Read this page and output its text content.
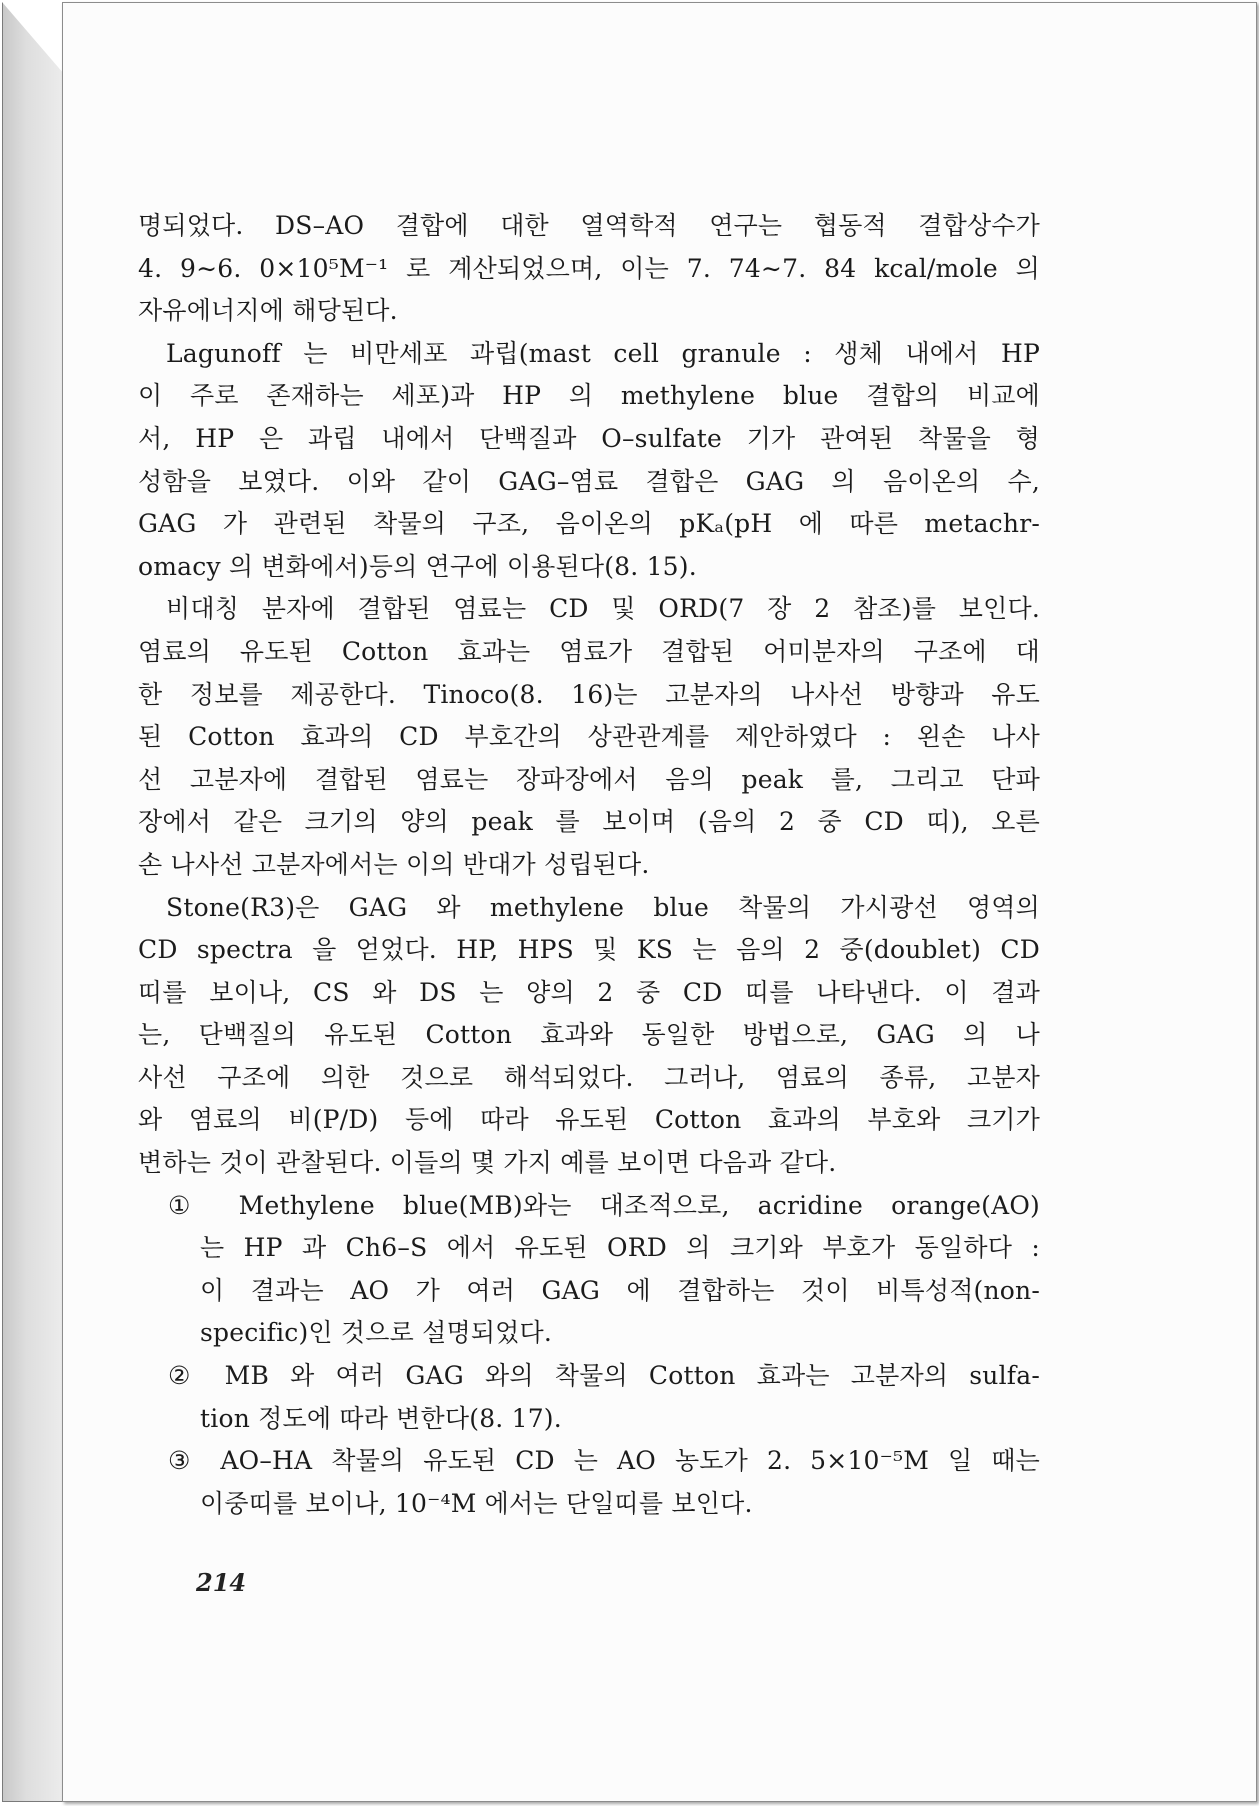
명되었다. DS–AO 결합에 대한 열역학적 연구는 협동적 결합상수가
4. 9∼6. 0×10⁵M⁻¹ 로 계산되었으며, 이는 7. 74∼7. 84 kcal/mole 의
자유에너지에 해당된다.
Lagunoff 는 비만세포 과립(mast cell granule : 생체 내에서 HP
이 주로 존재하는 세포)과 HP 의 methylene blue 결합의 비교에
서, HP 은 과립 내에서 단백질과 O–sulfate 기가 관여된 착물을 형
성함을 보였다. 이와 같이 GAG–염료 결합은 GAG 의 음이온의 수,
GAG 가 관련된 착물의 구조, 음이온의 pKₐ(pH 에 따른 metachr-
omacy 의 변화에서)등의 연구에 이용된다(8. 15).
비대칭 분자에 결합된 염료는 CD 및 ORD(7 장 2 참조)를 보인다.
염료의 유도된 Cotton 효과는 염료가 결합된 어미분자의 구조에 대
한 정보를 제공한다. Tinoco(8. 16)는 고분자의 나사선 방향과 유도
된 Cotton 효과의 CD 부호간의 상관관계를 제안하였다 : 왼손 나사
선 고분자에 결합된 염료는 장파장에서 음의 peak 를, 그리고 단파
장에서 같은 크기의 양의 peak 를 보이며 (음의 2 중 CD 띠), 오른
손 나사선 고분자에서는 이의 반대가 성립된다.
Stone(R3)은 GAG 와 methylene blue 착물의 가시광선 영역의
CD spectra 을 얻었다. HP, HPS 및 KS 는 음의 2 중(doublet) CD
띠를 보이나, CS 와 DS 는 양의 2 중 CD 띠를 나타낸다. 이 결과
는, 단백질의 유도된 Cotton 효과와 동일한 방법으로, GAG 의 나
사선 구조에 의한 것으로 해석되었다. 그러나, 염료의 종류, 고분자
와 염료의 비(P/D) 등에 따라 유도된 Cotton 효과의 부호와 크기가
변하는 것이 관찰된다. 이들의 몇 가지 예를 보이면 다음과 같다.
① Methylene blue(MB)와는 대조적으로, acridine orange(AO)
는 HP 과 Ch6–S 에서 유도된 ORD 의 크기와 부호가 동일하다 :
이 결과는 AO 가 여러 GAG 에 결합하는 것이 비특성적(non-
specific)인 것으로 설명되었다.
② MB 와 여러 GAG 와의 착물의 Cotton 효과는 고분자의 sulfa-
tion 정도에 따라 변한다(8. 17).
③ AO–HA 착물의 유도된 CD 는 AO 농도가 2. 5×10⁻⁵M 일 때는
이중띠를 보이나, 10⁻⁴M 에서는 단일띠를 보인다.
214
